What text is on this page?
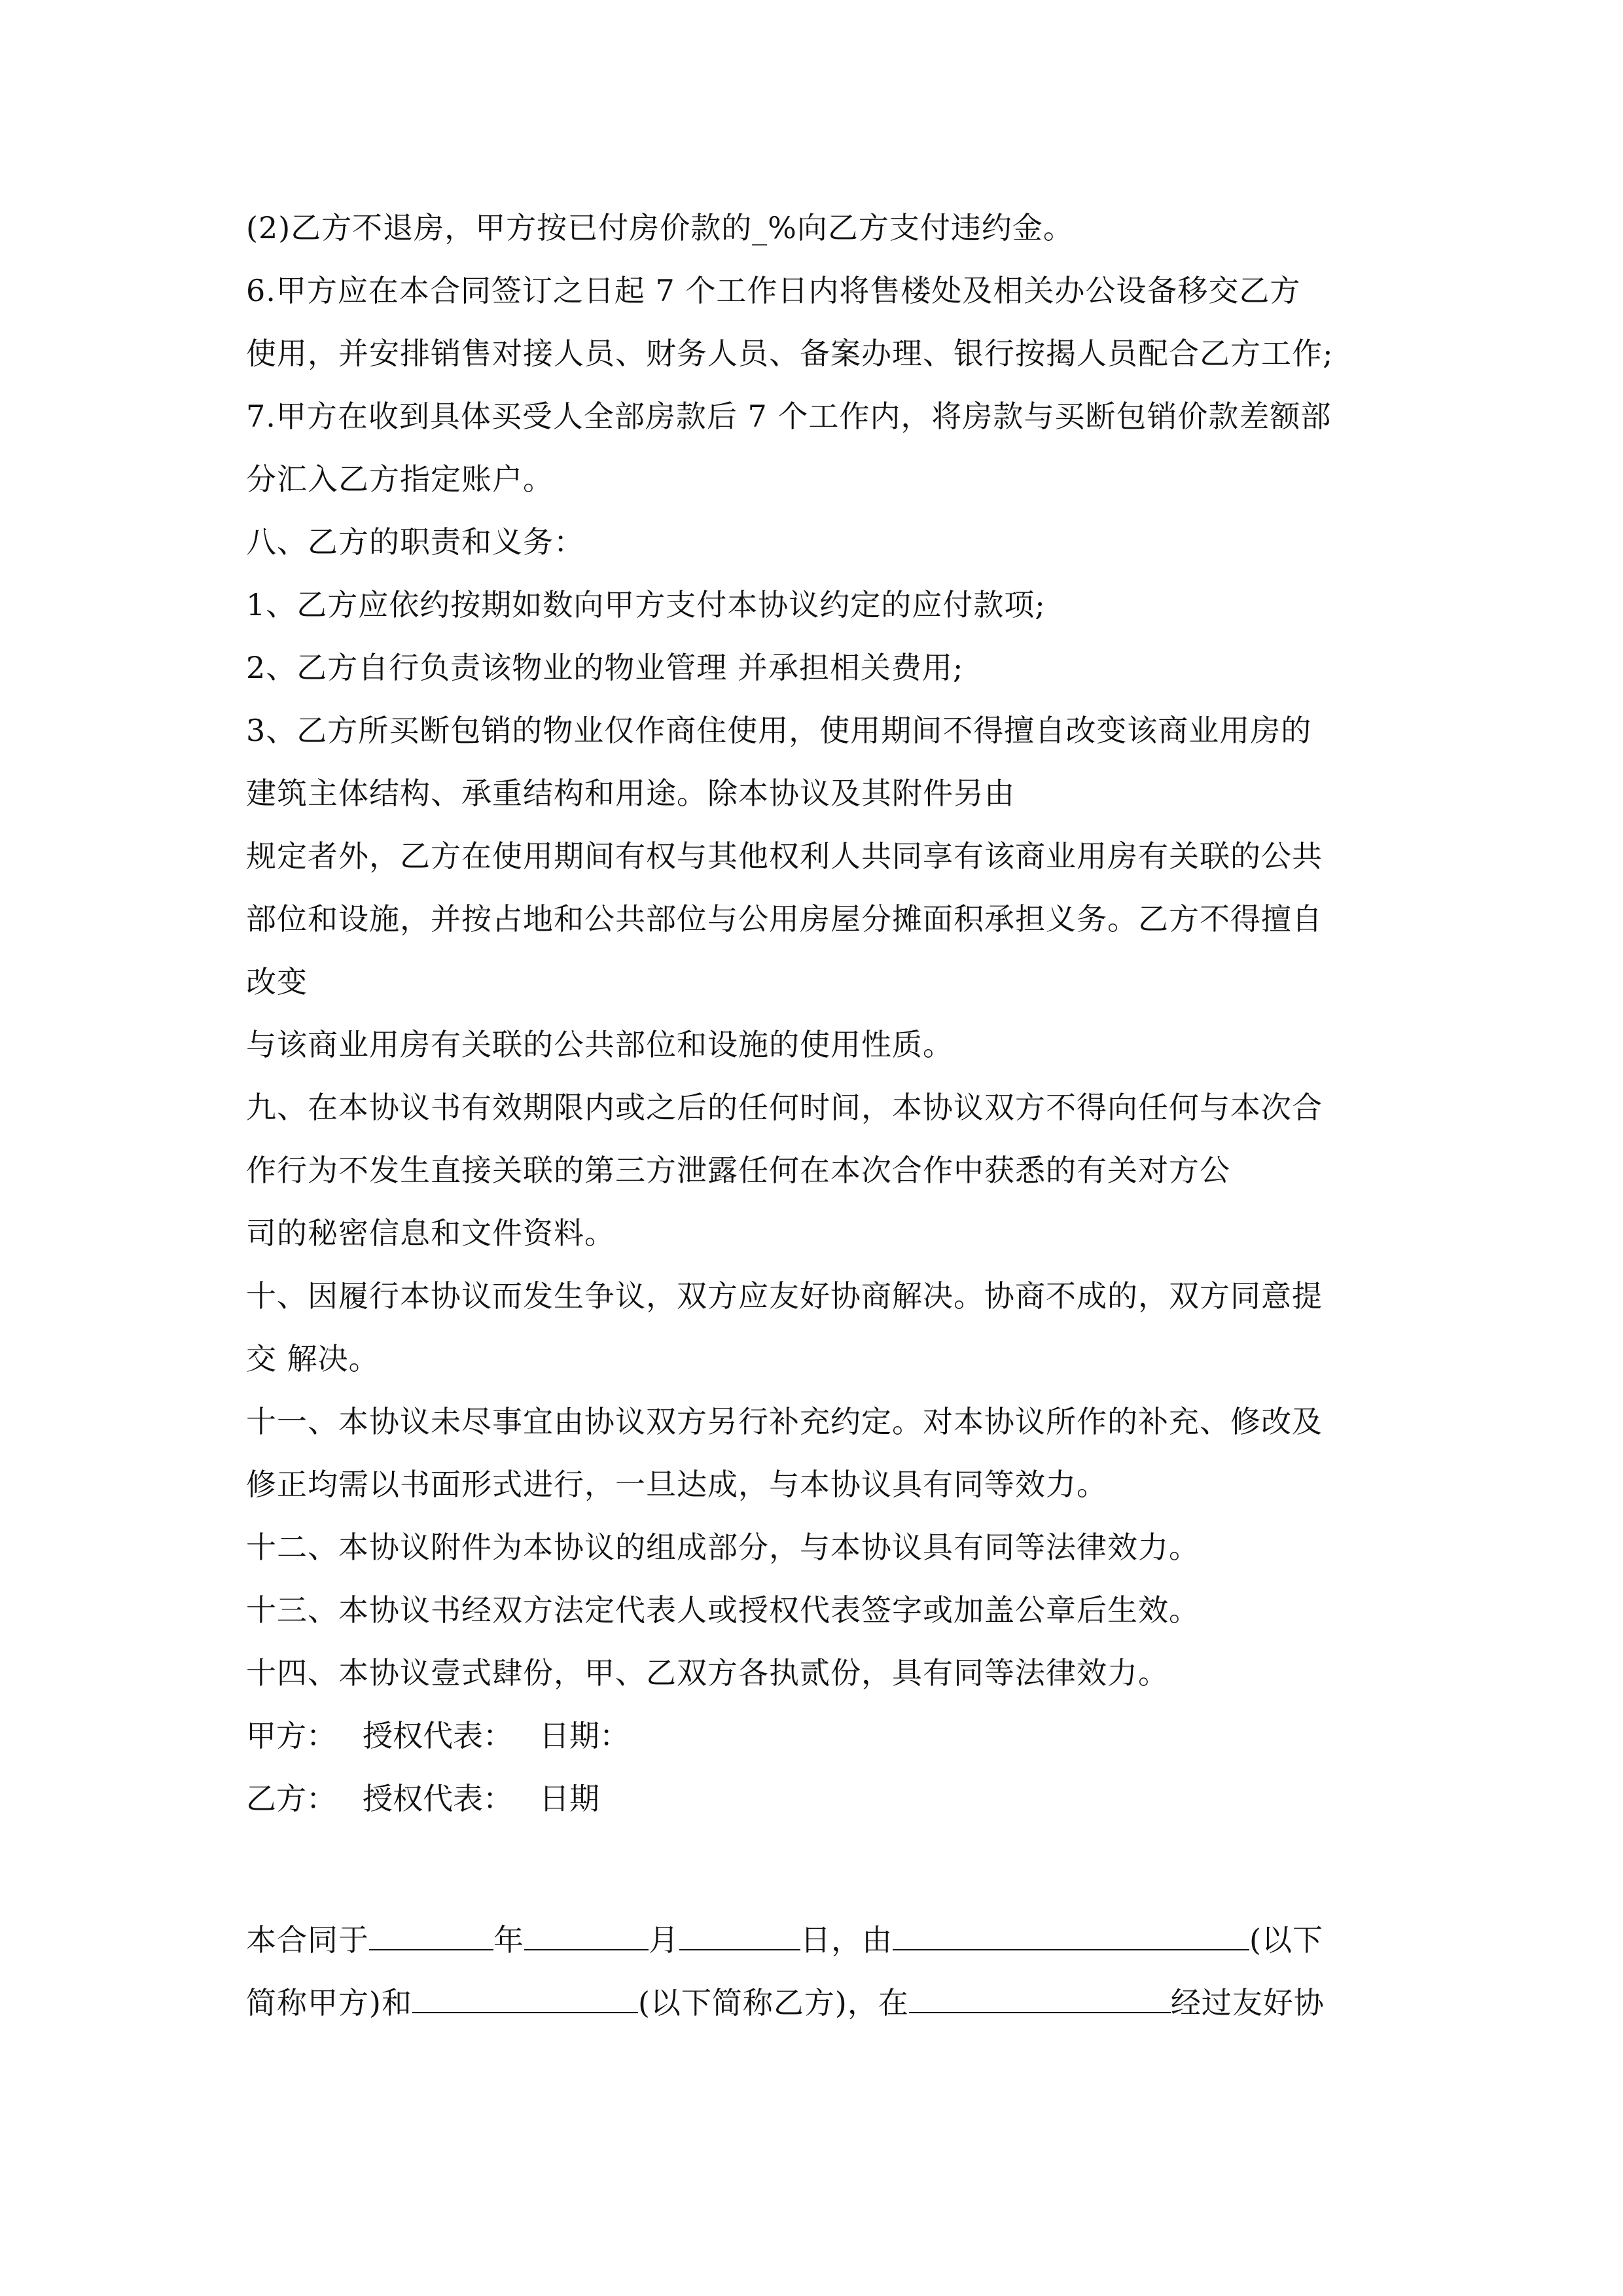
(2)乙方不退房，甲方按已付房价款的_%向乙方支付违约金。
6.甲方应在本合同签订之日起 7 个工作日内将售楼处及相关办公设备移交乙方
使用，并安排销售对接人员、财务人员、备案办理、银行按揭人员配合乙方工作;
7.甲方在收到具体买受人全部房款后 7 个工作内，将房款与买断包销价款差额部
分汇入乙方指定账户。
八、乙方的职责和义务：
1、乙方应依约按期如数向甲方支付本协议约定的应付款项;
2、乙方自行负责该物业的物业管理 并承担相关费用;
3、乙方所买断包销的物业仅作商住使用，使用期间不得擅自改变该商业用房的
建筑主体结构、承重结构和用途。除本协议及其附件另由
规定者外，乙方在使用期间有权与其他权利人共同享有该商业用房有关联的公共
部位和设施，并按占地和公共部位与公用房屋分摊面积承担义务。乙方不得擅自
改变
与该商业用房有关联的公共部位和设施的使用性质。
九、在本协议书有效期限内或之后的任何时间，本协议双方不得向任何与本次合
作行为不发生直接关联的第三方泄露任何在本次合作中获悉的有关对方公
司的秘密信息和文件资料。
十、因履行本协议而发生争议，双方应友好协商解决。协商不成的，双方同意提
交 解决。
十一、本协议未尽事宜由协议双方另行补充约定。对本协议所作的补充、修改及
修正均需以书面形式进行，一旦达成，与本协议具有同等效力。
十二、本协议附件为本协议的组成部分，与本协议具有同等法律效力。
十三、本协议书经双方法定代表人或授权代表签字或加盖公章后生效。
十四、本协议壹式肆份，甲、乙双方各执贰份，具有同等法律效力。
甲方： 授权代表： 日期：
乙方： 授权代表： 日期
本合同于	年	月	日，由	(以下
简称甲方)和	(以下简称乙方)，在	经过友好协
